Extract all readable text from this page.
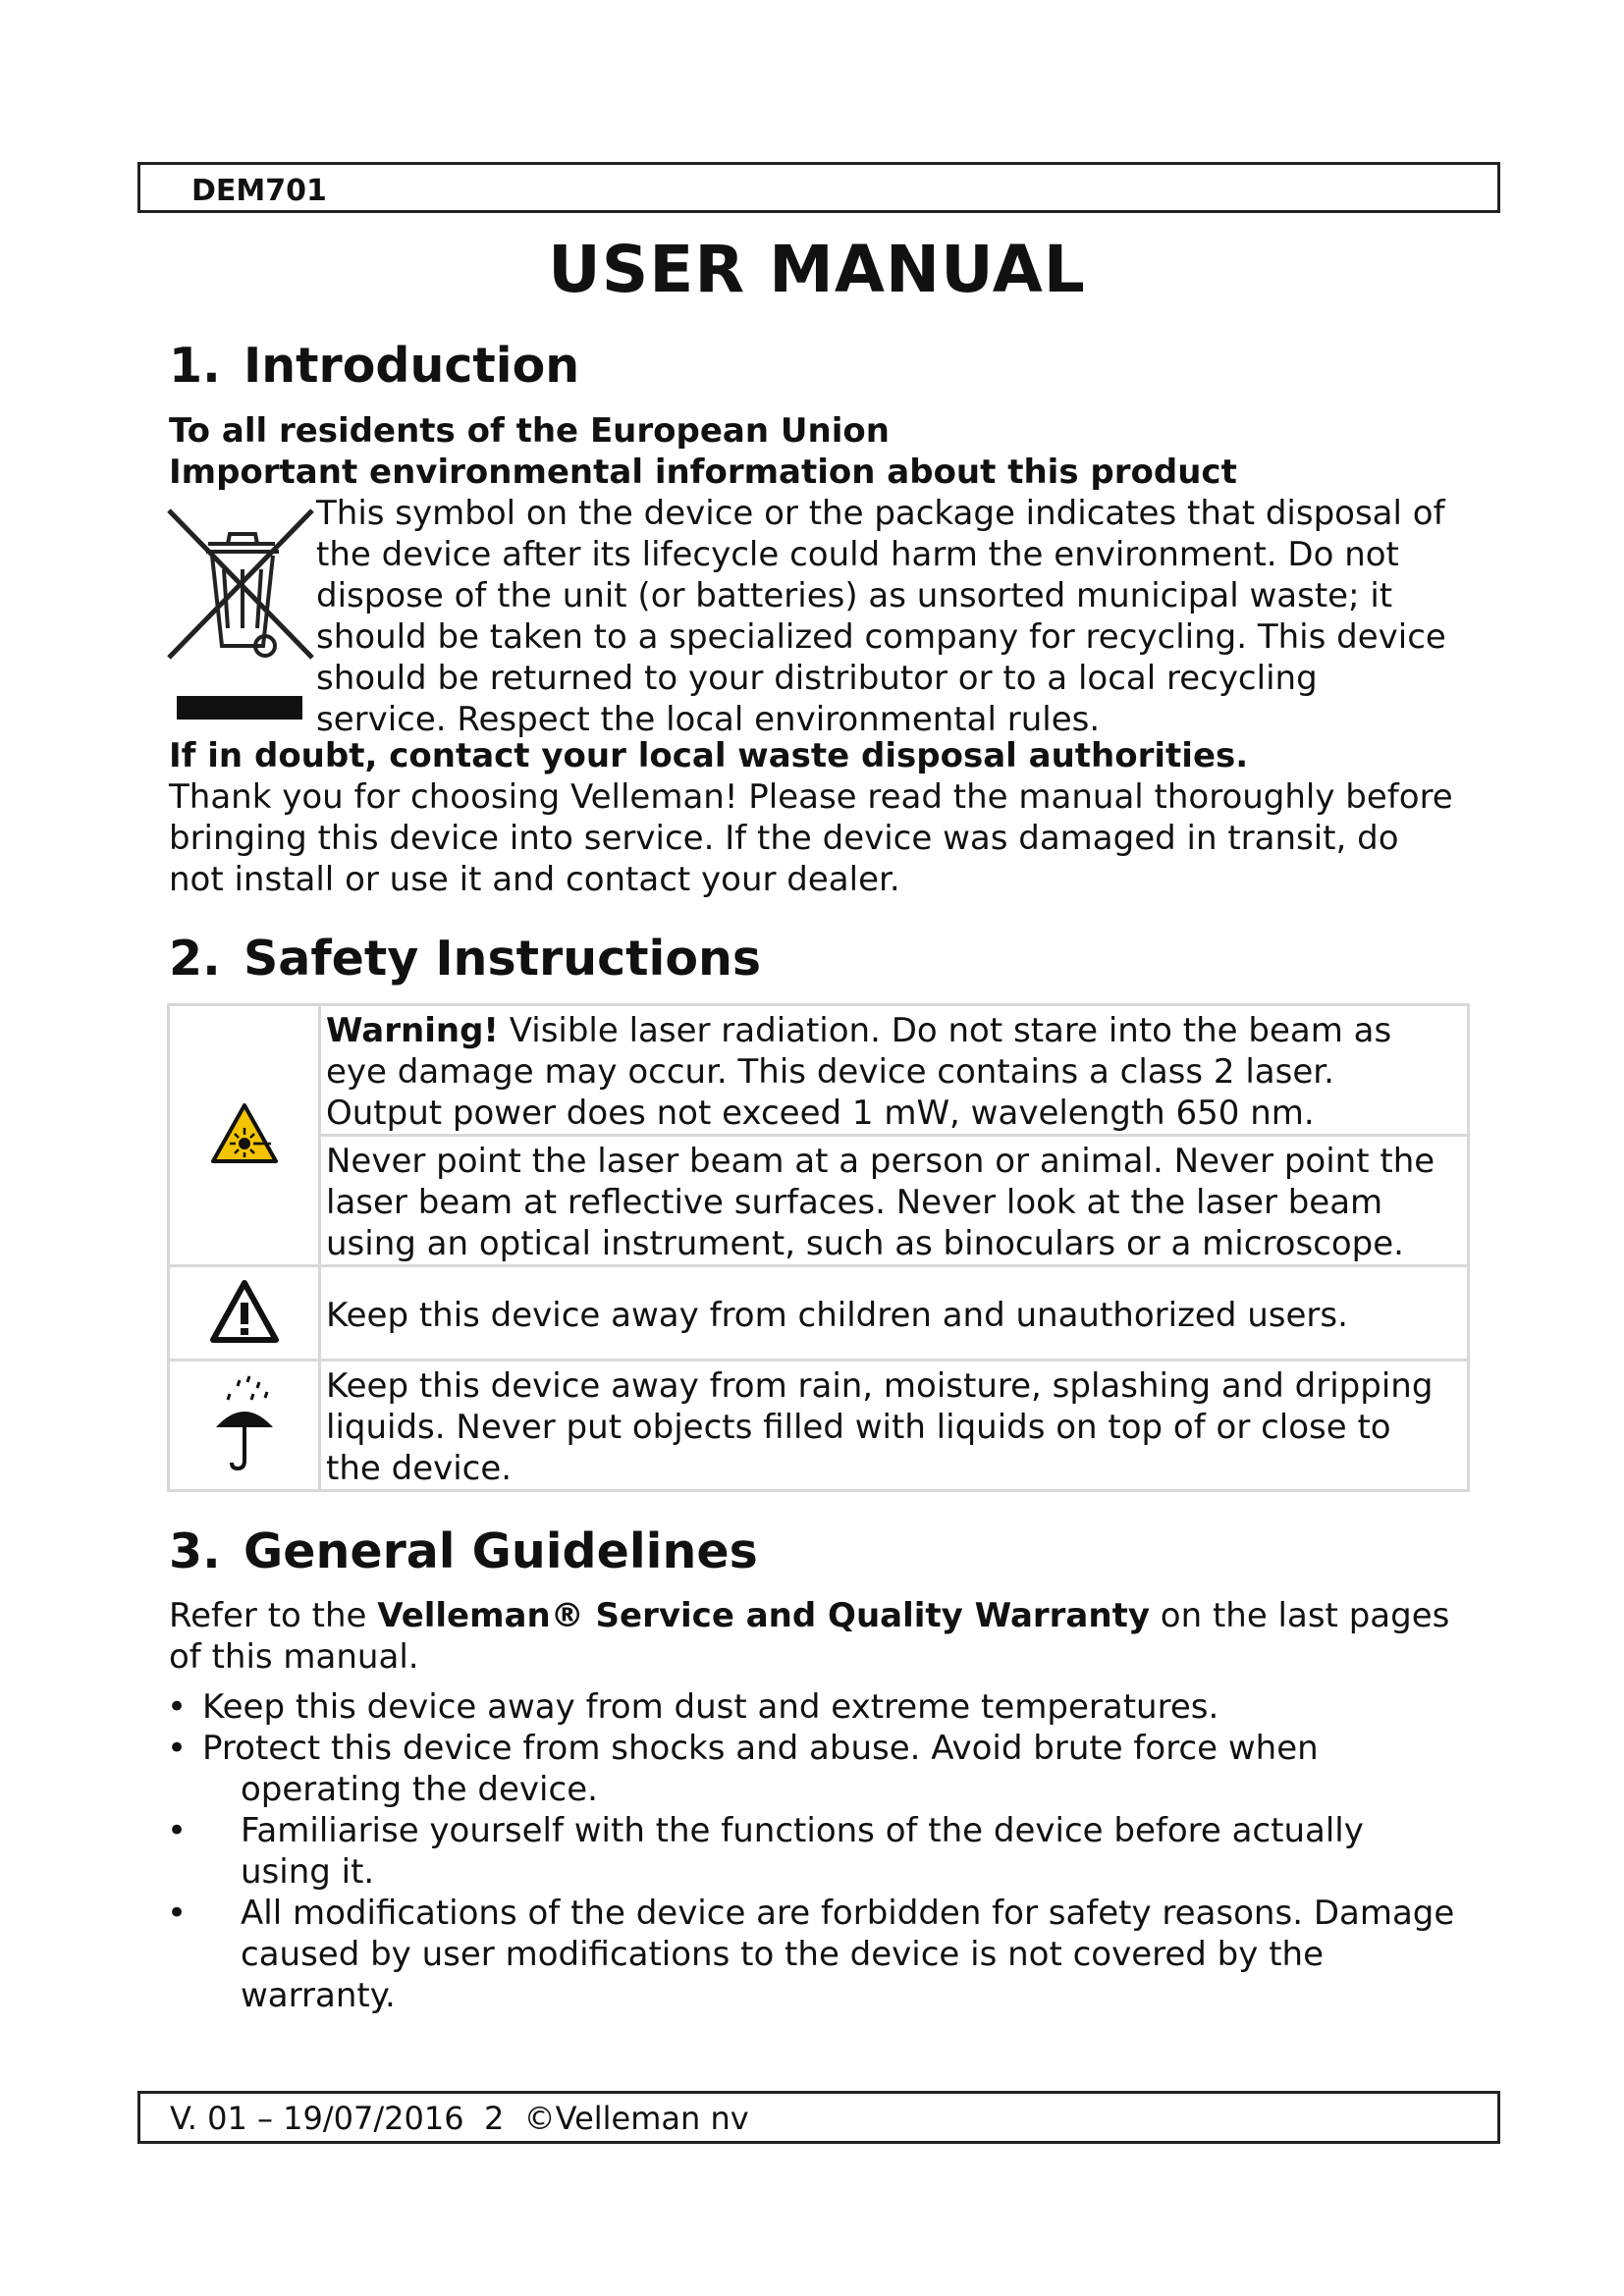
DEM701
USER MANUAL
1. Introduction
To all residents of the European Union
Important environmental information about this product
This symbol on the device or the package indicates that disposal of
the device after its lifecycle could harm the environment. Do not
dispose of the unit (or batteries) as unsorted municipal waste; it
should be taken to a specialized company for recycling. This device
should be returned to your distributor or to a local recycling
service. Respect the local environmental rules.
If in doubt, contact your local waste disposal authorities.
Thank you for choosing Velleman! Please read the manual thoroughly before
bringing this device into service. If the device was damaged in transit, do
not install or use it and contact your dealer.
2. Safety Instructions

Warning! Visible laser radiation. Do not stare into the beam as
eye damage may occur. This device contains a class 2 laser.
Output power does not exceed 1 mW, wavelength 650 nm.

	Never point the laser beam at a person or animal. Never point the
laser beam at reflective surfaces. Never look at the laser beam
using an optical instrument, such as binoculars or a microscope.

	Keep this device away from children and unauthorized users.

Keep this device away from rain, moisture, splashing and dripping
liquids. Never put objects filled with liquids on top of or close to
the device.
3. General Guidelines
Refer to the Velleman® Service and Quality Warranty on the last pages
of this manual.
• Keep this device away from dust and extreme temperatures.
• Protect this device from shocks and abuse. Avoid brute force when
operating the device.
• Familiarise yourself with the functions of the device before actually
using it.
• All modifications of the device are forbidden for safety reasons. Damage
caused by user modifications to the device is not covered by the
warranty.
V. 01 – 19/07/2016 2 ©Velleman nv
